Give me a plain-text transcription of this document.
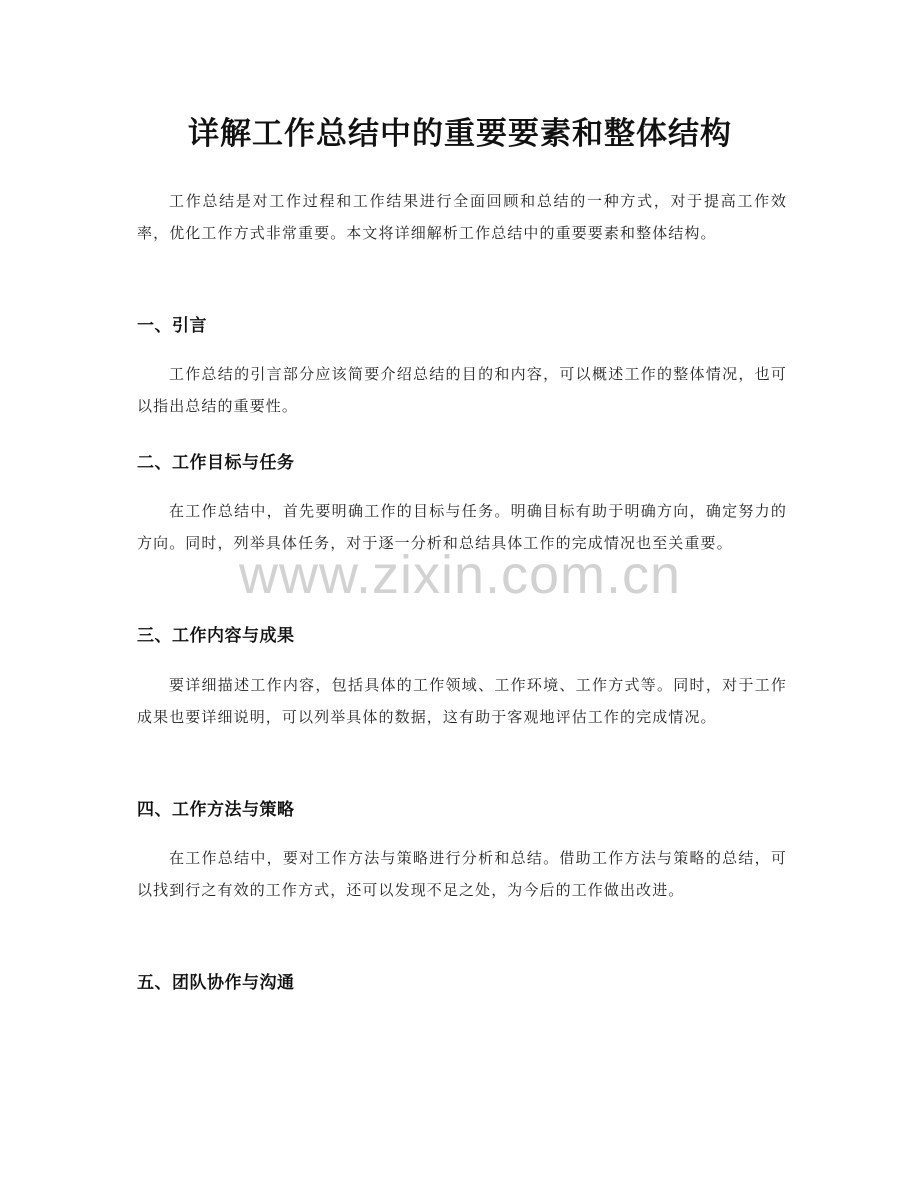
详解工作总结中的重要要素和整体结构

工作总结是对工作过程和工作结果进行全面回顾和总结的一种方式，对于提高工作效率，优化工作方式非常重要。本文将详细解析工作总结中的重要要素和整体结构。

一、引言

工作总结的引言部分应该简要介绍总结的目的和内容，可以概述工作的整体情况，也可以指出总结的重要性。

二、工作目标与任务

在工作总结中，首先要明确工作的目标与任务。明确目标有助于明确方向，确定努力的方向。同时，列举具体任务，对于逐一分析和总结具体工作的完成情况也至关重要。

三、工作内容与成果

要详细描述工作内容，包括具体的工作领域、工作环境、工作方式等。同时，对于工作成果也要详细说明，可以列举具体的数据，这有助于客观地评估工作的完成情况。

四、工作方法与策略

在工作总结中，要对工作方法与策略进行分析和总结。借助工作方法与策略的总结，可以找到行之有效的工作方式，还可以发现不足之处，为今后的工作做出改进。

五、团队协作与沟通
www.zixin.com.cn
